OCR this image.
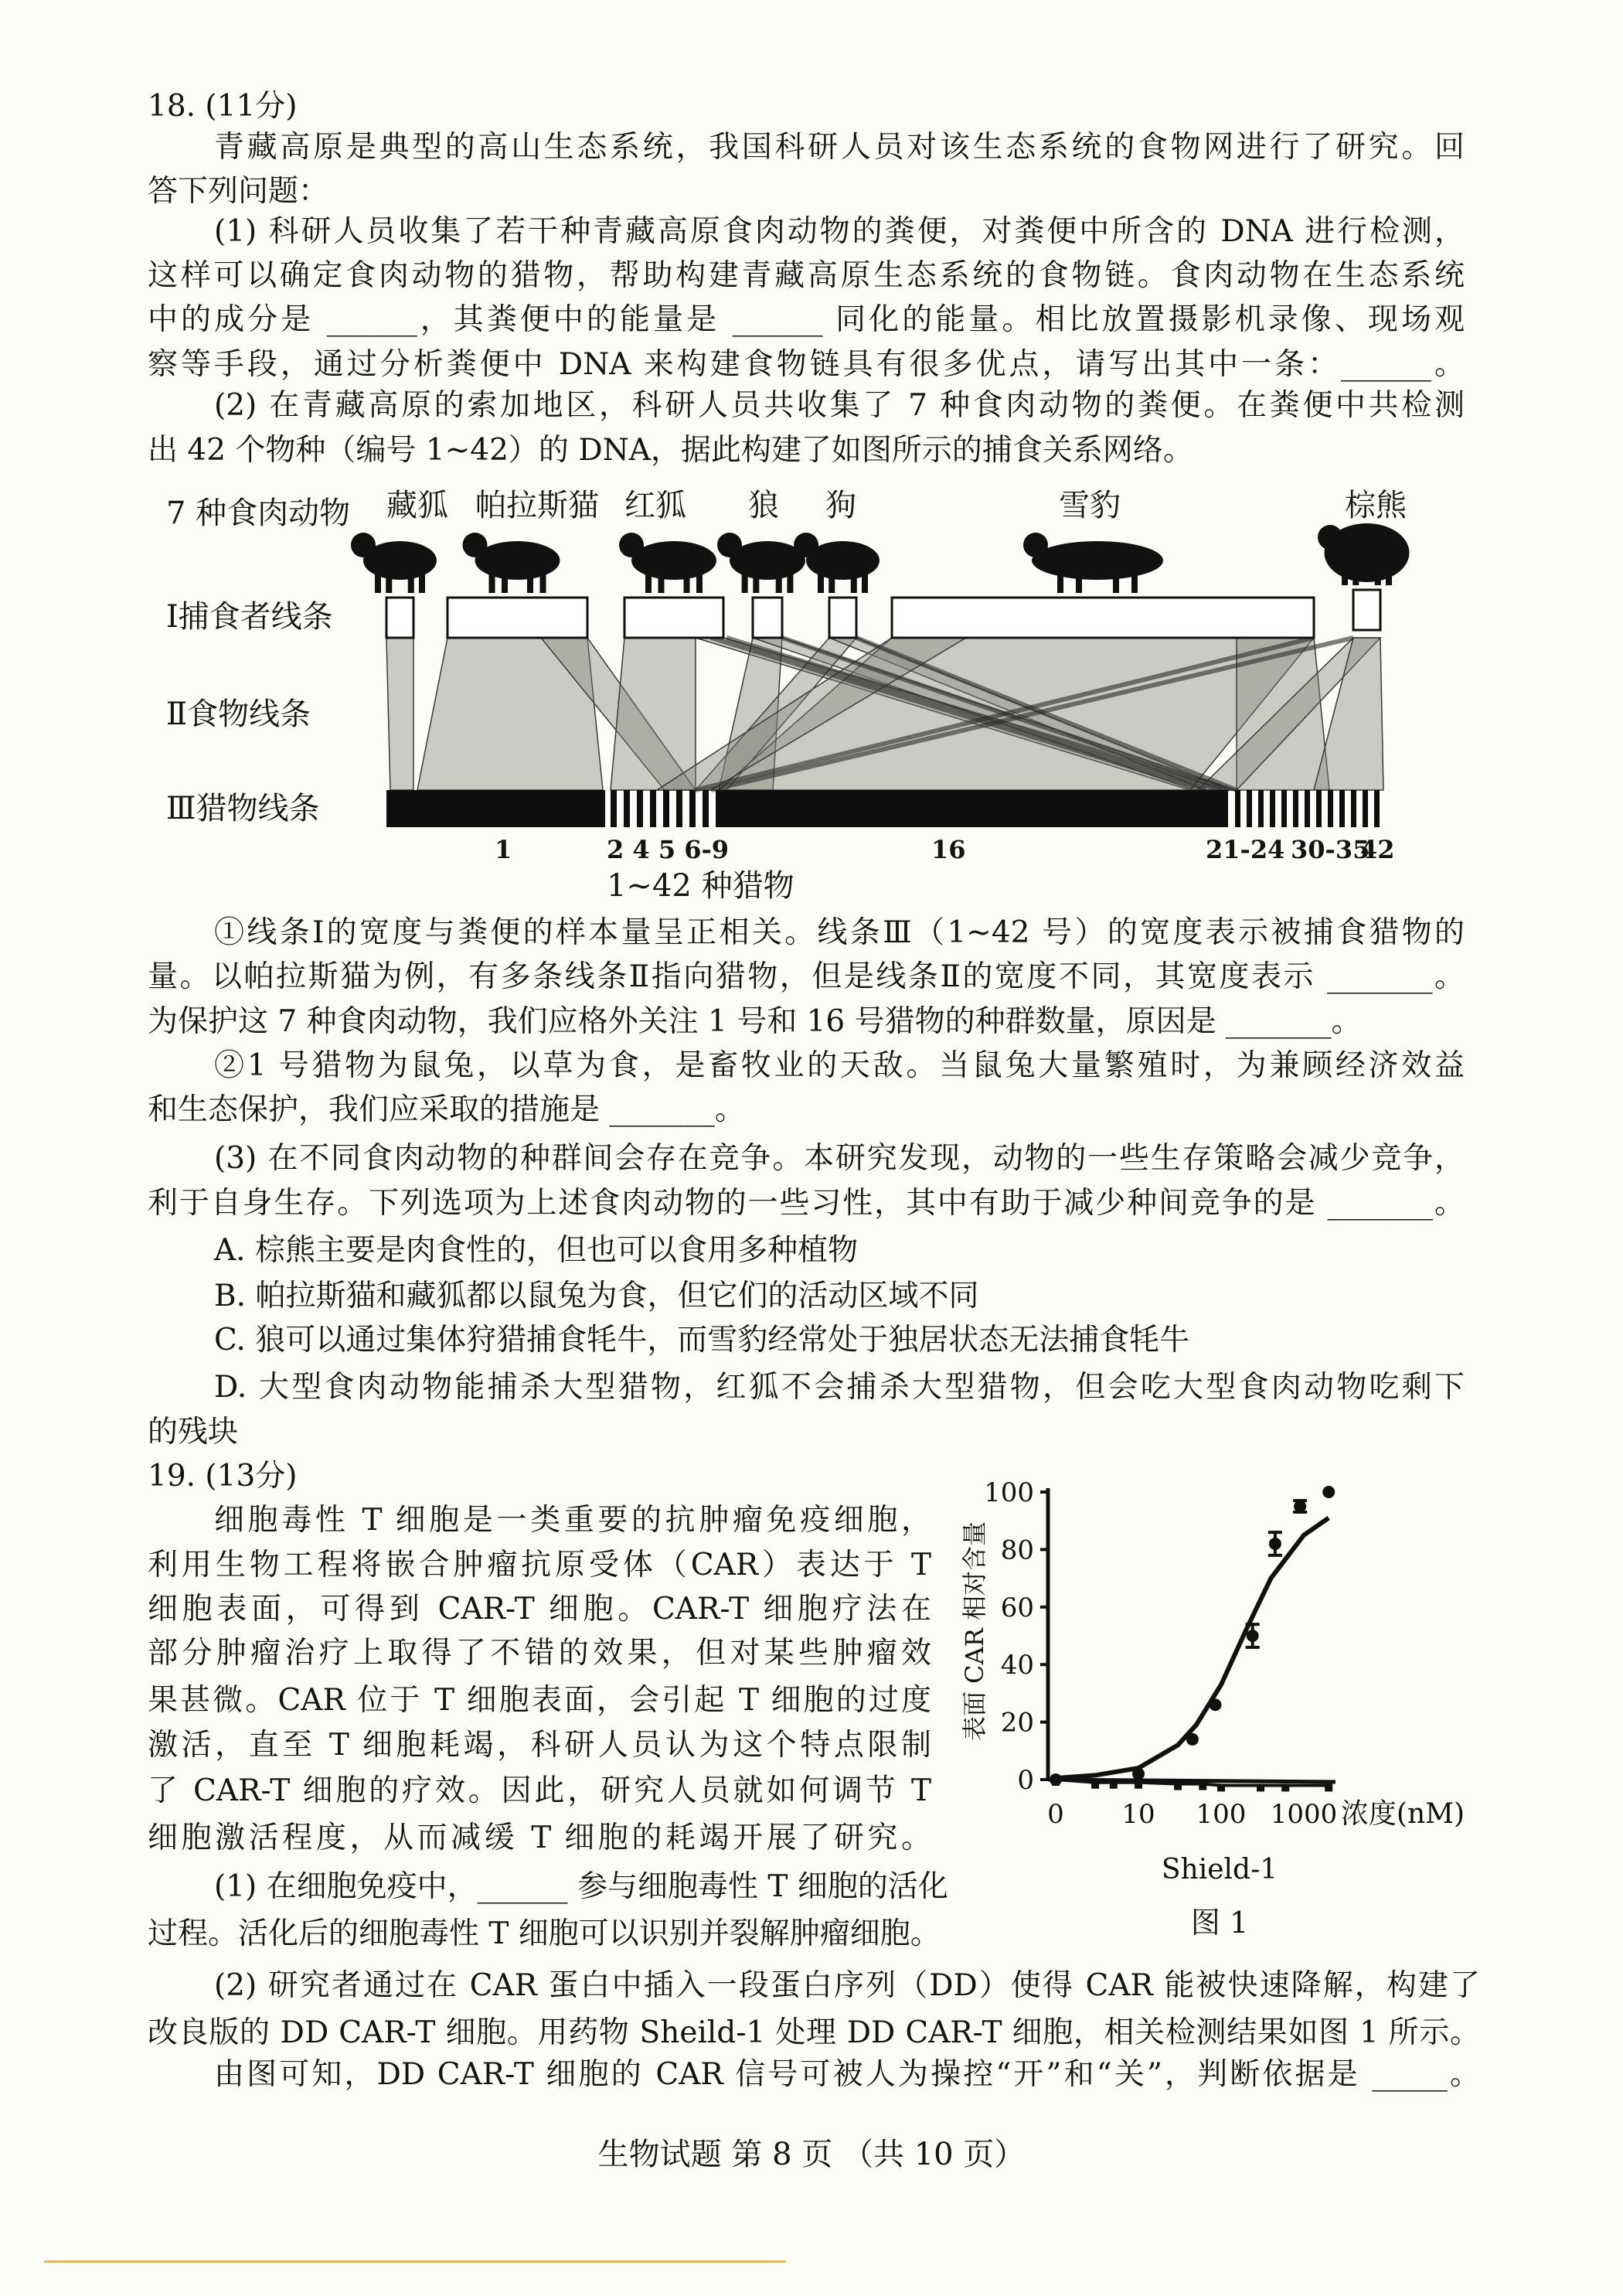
18. (11分)
青藏高原是典型的高山生态系统，我国科研人员对该生态系统的食物网进行了研究。回
答下列问题：
(1) 科研人员收集了若干种青藏高原食肉动物的粪便，对粪便中所含的 DNA 进行检测，
这样可以确定食肉动物的猎物，帮助构建青藏高原生态系统的食物链。食肉动物在生态系统
中的成分是 ______，其粪便中的能量是 ______ 同化的能量。相比放置摄影机录像、现场观
察等手段，通过分析粪便中 DNA 来构建食物链具有很多优点，请写出其中一条：______。
(2) 在青藏高原的索加地区，科研人员共收集了 7 种食肉动物的粪便。在粪便中共检测
出 42 个物种（编号 1~42）的 DNA，据此构建了如图所示的捕食关系网络。
①线条Ⅰ的宽度与粪便的样本量呈正相关。线条Ⅲ（1~42 号）的宽度表示被捕食猎物的
量。以帕拉斯猫为例，有多条线条Ⅱ指向猎物，但是线条Ⅱ的宽度不同，其宽度表示 _______。
为保护这 7 种食肉动物，我们应格外关注 1 号和 16 号猎物的种群数量，原因是 _______。
②1 号猎物为鼠兔，以草为食，是畜牧业的天敌。当鼠兔大量繁殖时，为兼顾经济效益
和生态保护，我们应采取的措施是 _______。
(3) 在不同食肉动物的种群间会存在竞争。本研究发现，动物的一些生存策略会减少竞争，
利于自身生存。下列选项为上述食肉动物的一些习性，其中有助于减少种间竞争的是 _______。
A. 棕熊主要是肉食性的，但也可以食用多种植物
B. 帕拉斯猫和藏狐都以鼠兔为食，但它们的活动区域不同
C. 狼可以通过集体狩猎捕食牦牛，而雪豹经常处于独居状态无法捕食牦牛
D. 大型食肉动物能捕杀大型猎物，红狐不会捕杀大型猎物，但会吃大型食肉动物吃剩下
的残块
19. (13分)
细胞毒性 T 细胞是一类重要的抗肿瘤免疫细胞，
利用生物工程将嵌合肿瘤抗原受体（CAR）表达于 T
细胞表面，可得到 CAR-T 细胞。CAR-T 细胞疗法在
部分肿瘤治疗上取得了不错的效果，但对某些肿瘤效
果甚微。CAR 位于 T 细胞表面，会引起 T 细胞的过度
激活，直至 T 细胞耗竭，科研人员认为这个特点限制
了 CAR-T 细胞的疗效。因此，研究人员就如何调节 T
细胞激活程度，从而减缓 T 细胞的耗竭开展了研究。
(1) 在细胞免疫中，______ 参与细胞毒性 T 细胞的活化
过程。活化后的细胞毒性 T 细胞可以识别并裂解肿瘤细胞。
(2) 研究者通过在 CAR 蛋白中插入一段蛋白序列（DD）使得 CAR 能被快速降解，构建了
改良版的 DD CAR-T 细胞。用药物 Sheild-1 处理 DD CAR-T 细胞，相关检测结果如图 1 所示。
由图可知，DD CAR-T 细胞的 CAR 信号可被人为操控“开”和“关”，判断依据是 _____。
7 种食肉动物 藏狐 帕拉斯猫 红狐 狼 狗	雪豹	棕熊
Ⅰ捕食者线条
Ⅱ食物线条
Ⅲ猎物线条
1	2 4 5 6-9	16	21-24 30-35
42
1~42 种猎物
0
20
40
60
80
100
0 10 100 1000 浓度(nM)
Shield-1
图 1
表面 CAR 相对含量
生物试题 第 8 页 （共 10 页）
